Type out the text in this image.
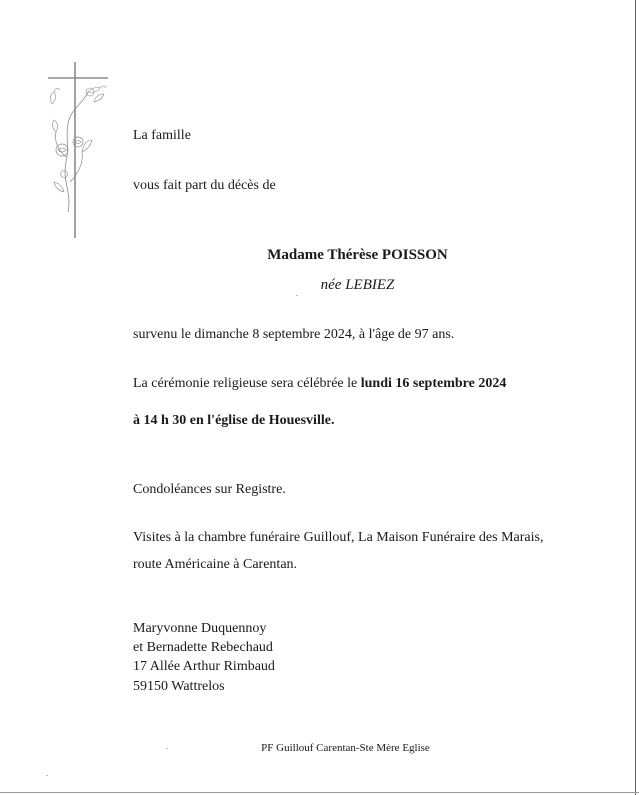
La famille
vous fait part du décès de
Madame Thérèse POISSON
née LEBIEZ
survenu le dimanche 8 septembre 2024, à l'âge de 97 ans.
La cérémonie religieuse sera célébrée le lundi 16 septembre 2024
à 14 h 30 en l'église de Houesville.
Condoléances sur Registre.
Visites à la chambre funéraire Guillouf, La Maison Funéraire des Marais,
route Américaine à Carentan.
Maryvonne Duquennoy
et Bernadette Rebechaud
17 Allée Arthur Rimbaud
59150 Wattrelos
PF Guillouf Carentan-Ste Mère Eglise
